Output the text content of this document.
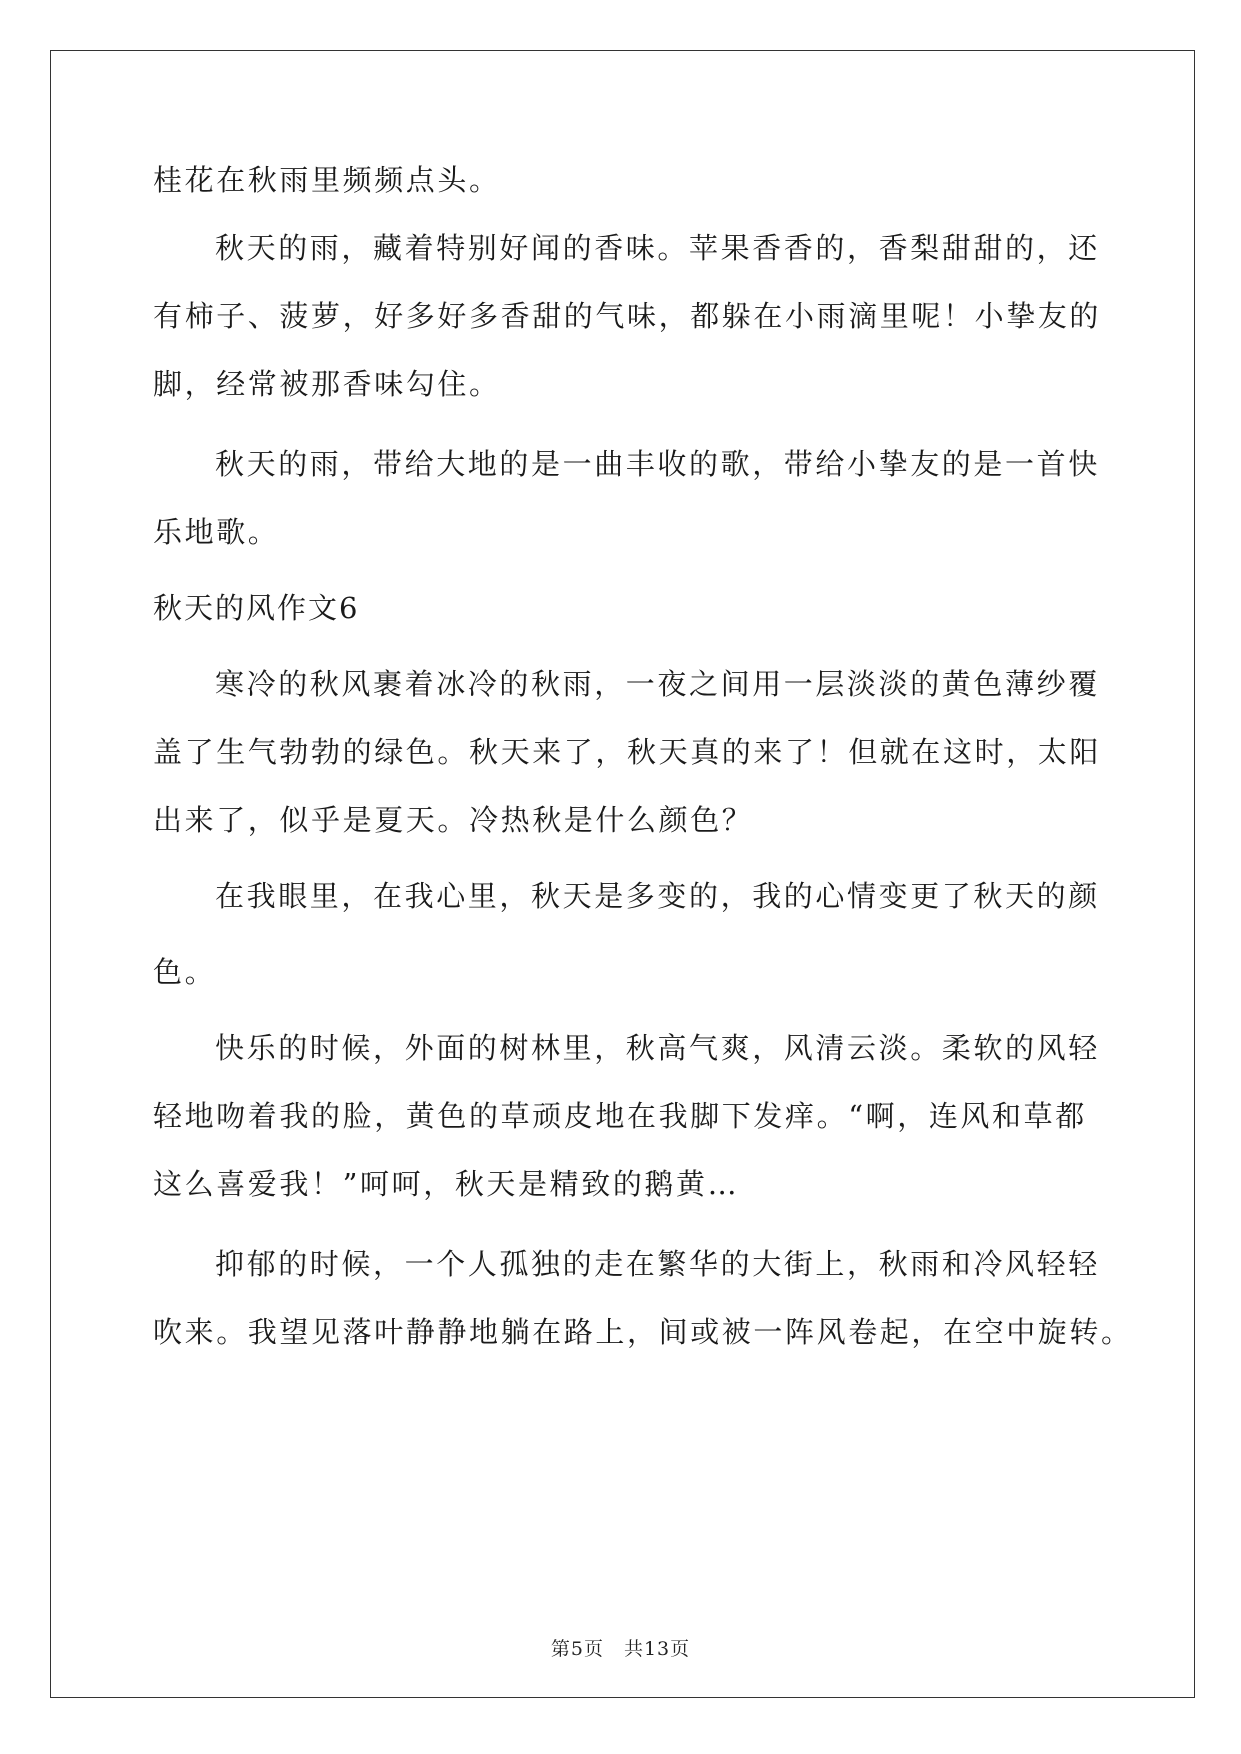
桂花在秋雨里频频点头。
秋天的雨，藏着特别好闻的香味。苹果香香的，香梨甜甜的，还
有柿子、菠萝，好多好多香甜的气味，都躲在小雨滴里呢！小挚友的
脚，经常被那香味勾住。
秋天的雨，带给大地的是一曲丰收的歌，带给小挚友的是一首快
乐地歌。
秋天的风作文6
寒冷的秋风裹着冰冷的秋雨，一夜之间用一层淡淡的黄色薄纱覆
盖了生气勃勃的绿色。秋天来了，秋天真的来了！但就在这时，太阳
出来了，似乎是夏天。冷热秋是什么颜色？
在我眼里，在我心里，秋天是多变的，我的心情变更了秋天的颜
色。
快乐的时候，外面的树林里，秋高气爽，风清云淡。柔软的风轻
轻地吻着我的脸，黄色的草顽皮地在我脚下发痒。“啊，连风和草都
这么喜爱我！”呵呵，秋天是精致的鹅黄…
抑郁的时候，一个人孤独的走在繁华的大街上，秋雨和冷风轻轻
吹来。我望见落叶静静地躺在路上，间或被一阵风卷起，在空中旋转。
第5页　共13页
